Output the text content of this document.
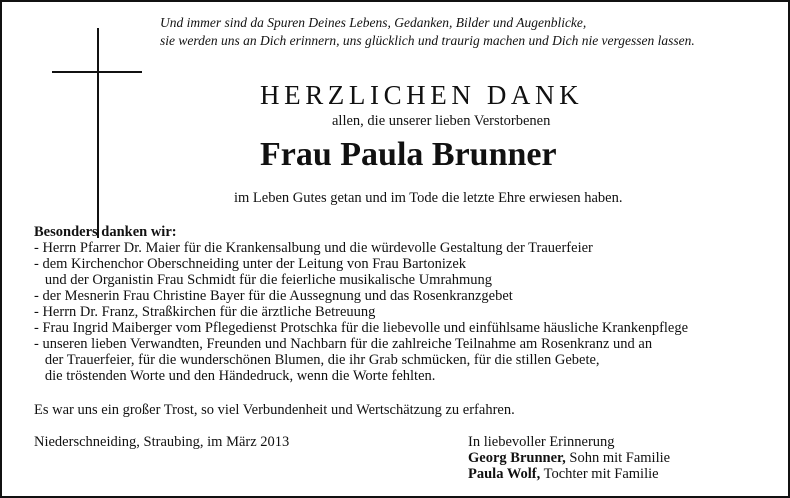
Und immer sind da Spuren Deines Lebens, Gedanken, Bilder und Augenblicke,
sie werden uns an Dich erinnern, uns glücklich und traurig machen und Dich nie vergessen lassen.
HERZLICHEN DANK
allen, die unserer lieben Verstorbenen
Frau Paula Brunner
im Leben Gutes getan und im Tode die letzte Ehre erwiesen haben.
Besonders danken wir:
- Herrn Pfarrer Dr. Maier für die Krankensalbung und die würdevolle Gestaltung der Trauerfeier
- dem Kirchenchor Oberschneiding unter der Leitung von Frau Bartonizek
und der Organistin Frau Schmidt für die feierliche musikalische Umrahmung
- der Mesnerin Frau Christine Bayer für die Aussegnung und das Rosenkranzgebet
- Herrn Dr. Franz, Straßkirchen für die ärztliche Betreuung
- Frau Ingrid Maiberger vom Pflegedienst Protschka für die liebevolle und einfühlsame häusliche Krankenpflege
- unseren lieben Verwandten, Freunden und Nachbarn für die zahlreiche Teilnahme am Rosenkranz und an
der Trauerfeier, für die wunderschönen Blumen, die ihr Grab schmücken, für die stillen Gebete,
die tröstenden Worte und den Händedruck, wenn die Worte fehlten.
Es war uns ein großer Trost, so viel Verbundenheit und Wertschätzung zu erfahren.
Niederschneiding, Straubing, im März 2013	In liebevoller Erinnerung
Georg Brunner, Sohn mit Familie
Paula Wolf, Tochter mit Familie
